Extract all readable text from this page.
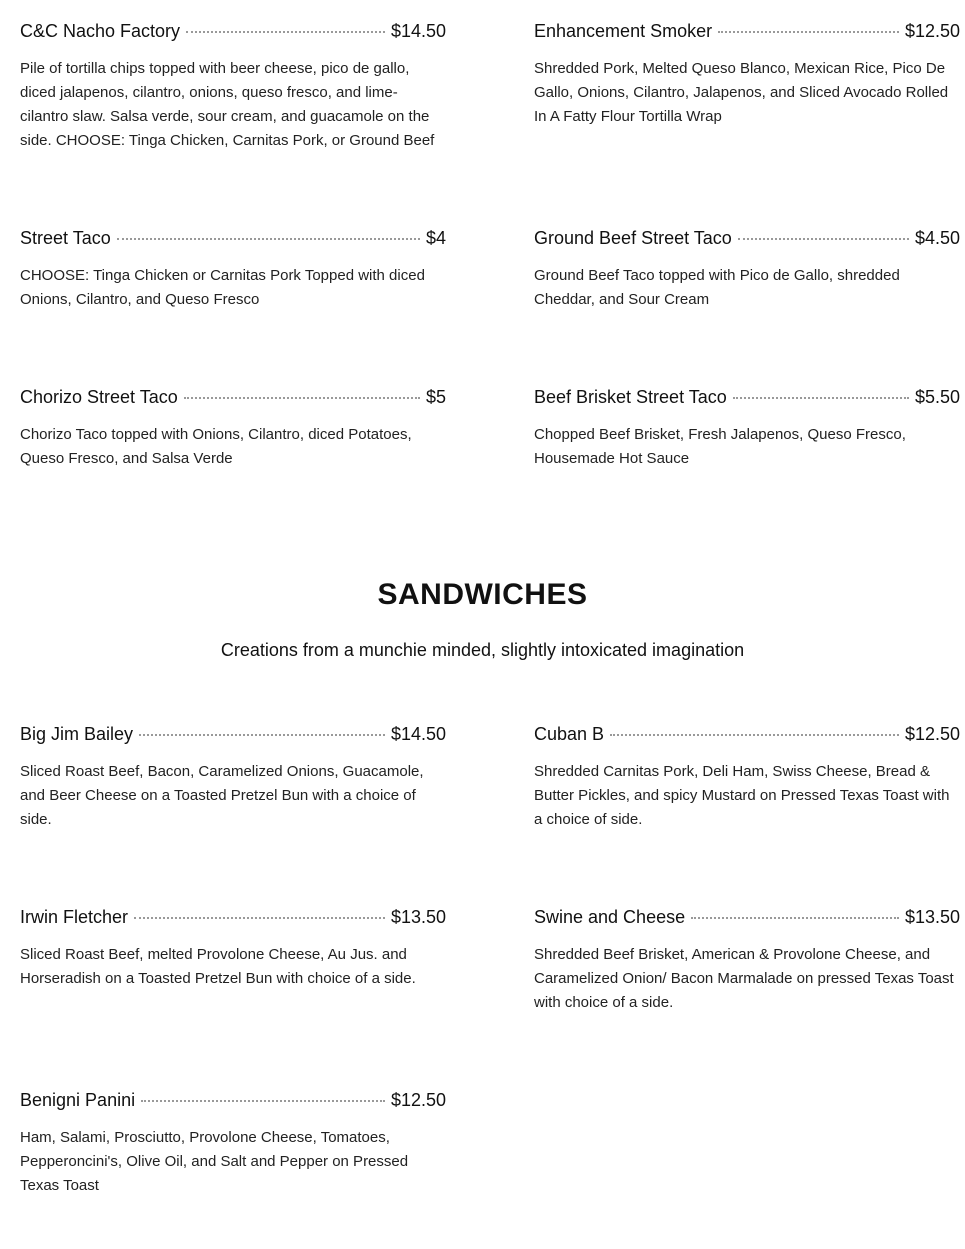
C&C Nacho Factory	$14.50
Pile of tortilla chips topped with beer cheese, pico de gallo, diced jalapenos, cilantro, onions, queso fresco, and lime-cilantro slaw. Salsa verde, sour cream, and guacamole on the side. CHOOSE: Tinga Chicken, Carnitas Pork, or Ground Beef
Enhancement Smoker	$12.50
Shredded Pork, Melted Queso Blanco, Mexican Rice, Pico De Gallo, Onions, Cilantro, Jalapenos, and Sliced Avocado Rolled In A Fatty Flour Tortilla Wrap
Street Taco	$4
CHOOSE: Tinga Chicken or Carnitas Pork Topped with diced Onions, Cilantro, and Queso Fresco
Ground Beef Street Taco	$4.50
Ground Beef Taco topped with Pico de Gallo, shredded Cheddar, and Sour Cream
Chorizo Street Taco	$5
Chorizo Taco topped with Onions, Cilantro, diced Potatoes, Queso Fresco, and Salsa Verde
Beef Brisket Street Taco	$5.50
Chopped Beef Brisket, Fresh Jalapenos, Queso Fresco, Housemade Hot Sauce
SANDWICHES
Creations from a munchie minded, slightly intoxicated imagination
Big Jim Bailey	$14.50
Sliced Roast Beef, Bacon, Caramelized Onions, Guacamole, and Beer Cheese on a Toasted Pretzel Bun with a choice of side.
Cuban B	$12.50
Shredded Carnitas Pork, Deli Ham, Swiss Cheese, Bread & Butter Pickles, and spicy Mustard on Pressed Texas Toast with a choice of side.
Irwin Fletcher	$13.50
Sliced Roast Beef, melted Provolone Cheese, Au Jus. and Horseradish on a Toasted Pretzel Bun with choice of a side.
Swine and Cheese	$13.50
Shredded Beef Brisket, American & Provolone Cheese, and Caramelized Onion/ Bacon Marmalade on pressed Texas Toast with choice of a side.
Benigni Panini	$12.50
Ham, Salami, Prosciutto, Provolone Cheese, Tomatoes, Pepperoncini's, Olive Oil, and Salt and Pepper on Pressed Texas Toast
